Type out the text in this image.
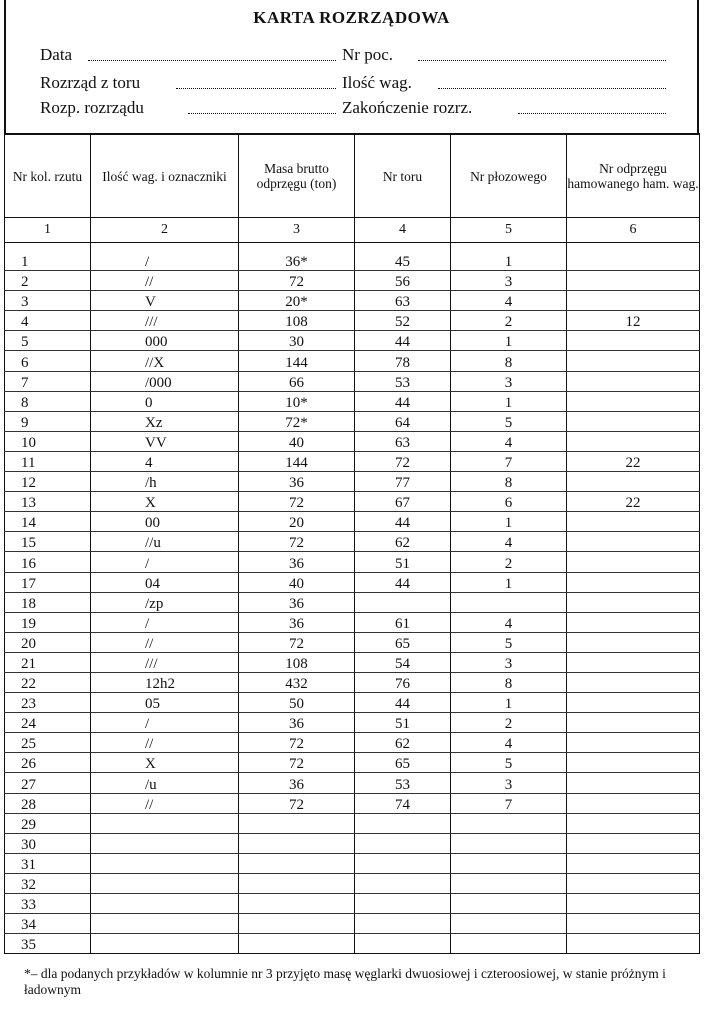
KARTA ROZRZĄDOWA
Data	Nr poc.
Rozrząd z toru	Ilość wag.
Rozp. rozrządu	Zakończenie rozrz.
Nr kol. rzutu	Ilość wag. i oznaczniki	Masa brutto odprzęgu (ton)	Nr toru	Nr płozowego	Nr odprzęgu hamowanego ham. wag.
1	2	3	4	5	6

1	/	36*	45	1	
2	//	72	56	3	
3	V	20*	63	4	
4	///	108	52	2	12
5	000	30	44	1	
6	//X	144	78	8	
7	/000	66	53	3	
8	0	10*	44	1	
9	Xz	72*	64	5	
10	VV	40	63	4	
11	4	144	72	7	22
12	/h	36	77	8	
13	X	72	67	6	22
14	00	20	44	1	
15	//u	72	62	4	
16	/	36	51	2	
17	04	40	44	1	
18	/zp	36			
19	/	36	61	4	
20	//	72	65	5	
21	///	108	54	3	
22	12h2	432	76	8	
23	05	50	44	1	
24	/	36	51	2	
25	//	72	62	4	
26	X	72	65	5	
27	/u	36	53	3	
28	//	72	74	7	
29					
30					
31					
32					
33					
34					
35					
*– dla podanych przykładów w kolumnie nr 3 przyjęto masę węglarki dwuosiowej i czteroosiowej, w stanie próżnym i ładownym
